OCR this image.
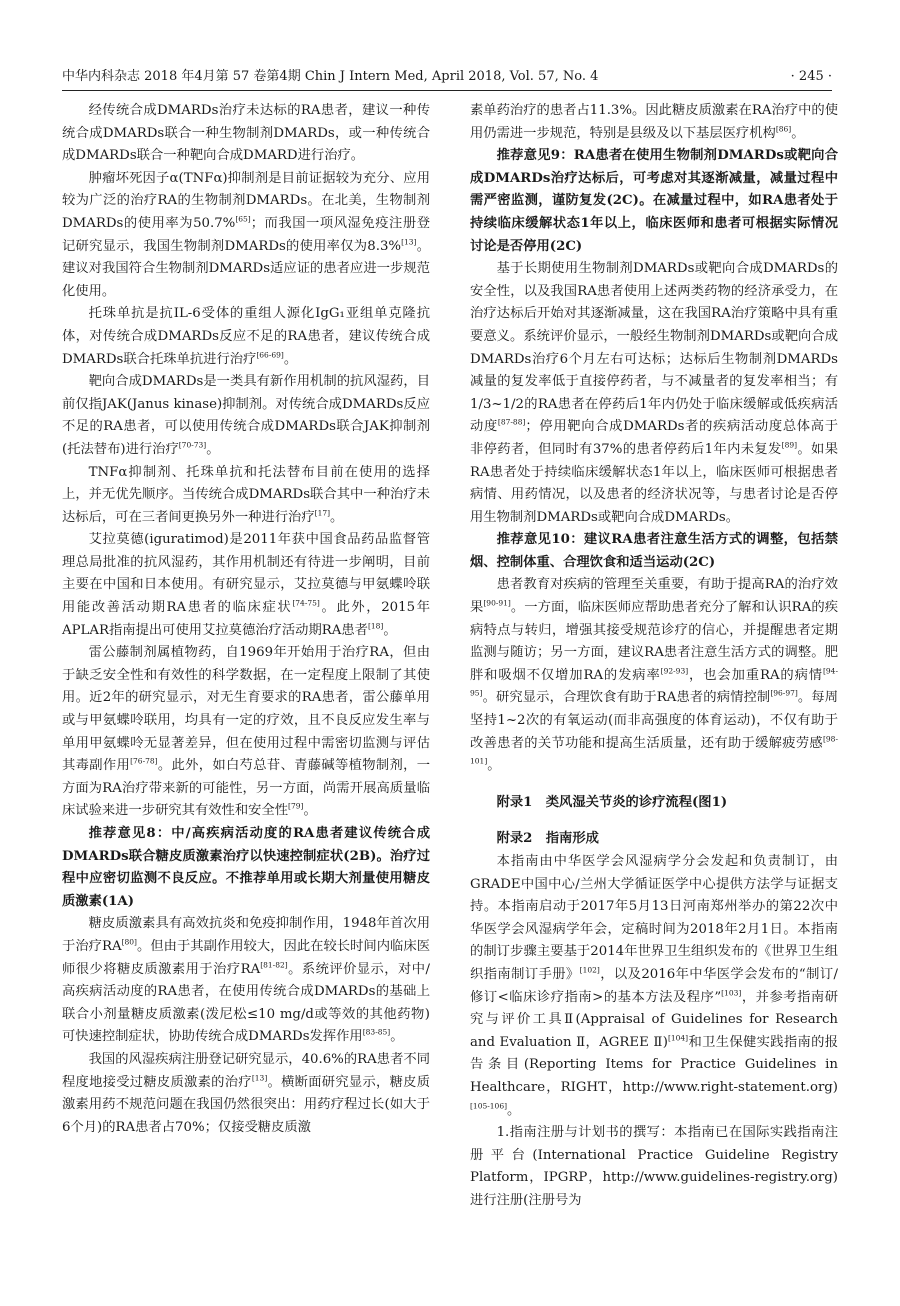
中华内科杂志 2018 年4月第 57 卷第4期 Chin J Intern Med, April 2018, Vol. 57, No. 4	· 245 ·

经传统合成DMARDs治疗未达标的RA患者，建议一种传统合成DMARDs联合一种生物制剂DMARDs，或一种传统合成DMARDs联合一种靶向合成DMARD进行治疗。

肿瘤坏死因子α(TNFα)抑制剂是目前证据较为充分、应用较为广泛的治疗RA的生物制剂DMARDs。在北美，生物制剂DMARDs的使用率为50.7%[65]；而我国一项风湿免疫注册登记研究显示，我国生物制剂DMARDs的使用率仅为8.3%[13]。建议对我国符合生物制剂DMARDs适应证的患者应进一步规范化使用。

托珠单抗是抗IL-6受体的重组人源化IgG₁亚组单克隆抗体，对传统合成DMARDs反应不足的RA患者，建议传统合成DMARDs联合托珠单抗进行治疗[66-69]。

靶向合成DMARDs是一类具有新作用机制的抗风湿药，目前仅指JAK(Janus kinase)抑制剂。对传统合成DMARDs反应不足的RA患者，可以使用传统合成DMARDs联合JAK抑制剂(托法替布)进行治疗[70-73]。

TNFα抑制剂、托珠单抗和托法替布目前在使用的选择上，并无优先顺序。当传统合成DMARDs联合其中一种治疗未达标后，可在三者间更换另外一种进行治疗[17]。

艾拉莫德(iguratimod)是2011年获中国食品药品监督管理总局批准的抗风湿药，其作用机制还有待进一步阐明，目前主要在中国和日本使用。有研究显示，艾拉莫德与甲氨蝶呤联用能改善活动期RA患者的临床症状[74-75]。此外，2015年APLAR指南提出可使用艾拉莫德治疗活动期RA患者[18]。

雷公藤制剂属植物药，自1969年开始用于治疗RA，但由于缺乏安全性和有效性的科学数据，在一定程度上限制了其使用。近2年的研究显示，对无生育要求的RA患者，雷公藤单用或与甲氨蝶呤联用，均具有一定的疗效，且不良反应发生率与单用甲氨蝶呤无显著差异，但在使用过程中需密切监测与评估其毒副作用[76-78]。此外，如白芍总苷、青藤碱等植物制剂，一方面为RA治疗带来新的可能性，另一方面，尚需开展高质量临床试验来进一步研究其有效性和安全性[79]。

推荐意见8：中/高疾病活动度的RA患者建议传统合成DMARDs联合糖皮质激素治疗以快速控制症状(2B)。治疗过程中应密切监测不良反应。不推荐单用或长期大剂量使用糖皮质激素(1A)

糖皮质激素具有高效抗炎和免疫抑制作用，1948年首次用于治疗RA[80]。但由于其副作用较大，因此在较长时间内临床医师很少将糖皮质激素用于治疗RA[81-82]。系统评价显示，对中/高疾病活动度的RA患者，在使用传统合成DMARDs的基础上联合小剂量糖皮质激素(泼尼松≤10 mg/d或等效的其他药物)可快速控制症状，协助传统合成DMARDs发挥作用[83-85]。

我国的风湿疾病注册登记研究显示，40.6%的RA患者不同程度地接受过糖皮质激素的治疗[13]。横断面研究显示，糖皮质激素用药不规范问题在我国仍然很突出：用药疗程过长(如大于6个月)的RA患者占70%；仅接受糖皮质激

素单药治疗的患者占11.3%。因此糖皮质激素在RA治疗中的使用仍需进一步规范，特别是县级及以下基层医疗机构[86]。

推荐意见9：RA患者在使用生物制剂DMARDs或靶向合成DMARDs治疗达标后，可考虑对其逐渐减量，减量过程中需严密监测，谨防复发(2C)。在减量过程中，如RA患者处于持续临床缓解状态1年以上，临床医师和患者可根据实际情况讨论是否停用(2C)

基于长期使用生物制剂DMARDs或靶向合成DMARDs的安全性，以及我国RA患者使用上述两类药物的经济承受力，在治疗达标后开始对其逐渐减量，这在我国RA治疗策略中具有重要意义。系统评价显示，一般经生物制剂DMARDs或靶向合成DMARDs治疗6个月左右可达标；达标后生物制剂DMARDs减量的复发率低于直接停药者，与不减量者的复发率相当；有1/3~1/2的RA患者在停药后1年内仍处于临床缓解或低疾病活动度[87-88]；停用靶向合成DMARDs者的疾病活动度总体高于非停药者，但同时有37%的患者停药后1年内未复发[89]。如果RA患者处于持续临床缓解状态1年以上，临床医师可根据患者病情、用药情况，以及患者的经济状况等，与患者讨论是否停用生物制剂DMARDs或靶向合成DMARDs。

推荐意见10：建议RA患者注意生活方式的调整，包括禁烟、控制体重、合理饮食和适当运动(2C)

患者教育对疾病的管理至关重要，有助于提高RA的治疗效果[90-91]。一方面，临床医师应帮助患者充分了解和认识RA的疾病特点与转归，增强其接受规范诊疗的信心，并提醒患者定期监测与随访；另一方面，建议RA患者注意生活方式的调整。肥胖和吸烟不仅增加RA的发病率[92-93]，也会加重RA的病情[94-95]。研究显示，合理饮食有助于RA患者的病情控制[96-97]。每周坚持1~2次的有氧运动(而非高强度的体育运动)，不仅有助于改善患者的关节功能和提高生活质量，还有助于缓解疲劳感[98-101]。

附录1　类风湿关节炎的诊疗流程(图1)

附录2　指南形成

本指南由中华医学会风湿病学分会发起和负责制订，由GRADE中国中心/兰州大学循证医学中心提供方法学与证据支持。本指南启动于2017年5月13日河南郑州举办的第22次中华医学会风湿病学年会，定稿时间为2018年2月1日。本指南的制订步骤主要基于2014年世界卫生组织发布的《世界卫生组织指南制订手册》[102]，以及2016年中华医学会发布的“制订/修订<临床诊疗指南>的基本方法及程序”[103]，并参考指南研究与评价工具Ⅱ(Appraisal of Guidelines for Research and Evaluation Ⅱ，AGREE Ⅱ)[104]和卫生保健实践指南的报告条目(Reporting Items for Practice Guidelines in Healthcare，RIGHT，http://www.right-statement.org)[105-106]。

1.指南注册与计划书的撰写：本指南已在国际实践指南注册平台(International Practice Guideline Registry Platform，IPGRP，http://www.guidelines-registry.org)进行注册(注册号为
